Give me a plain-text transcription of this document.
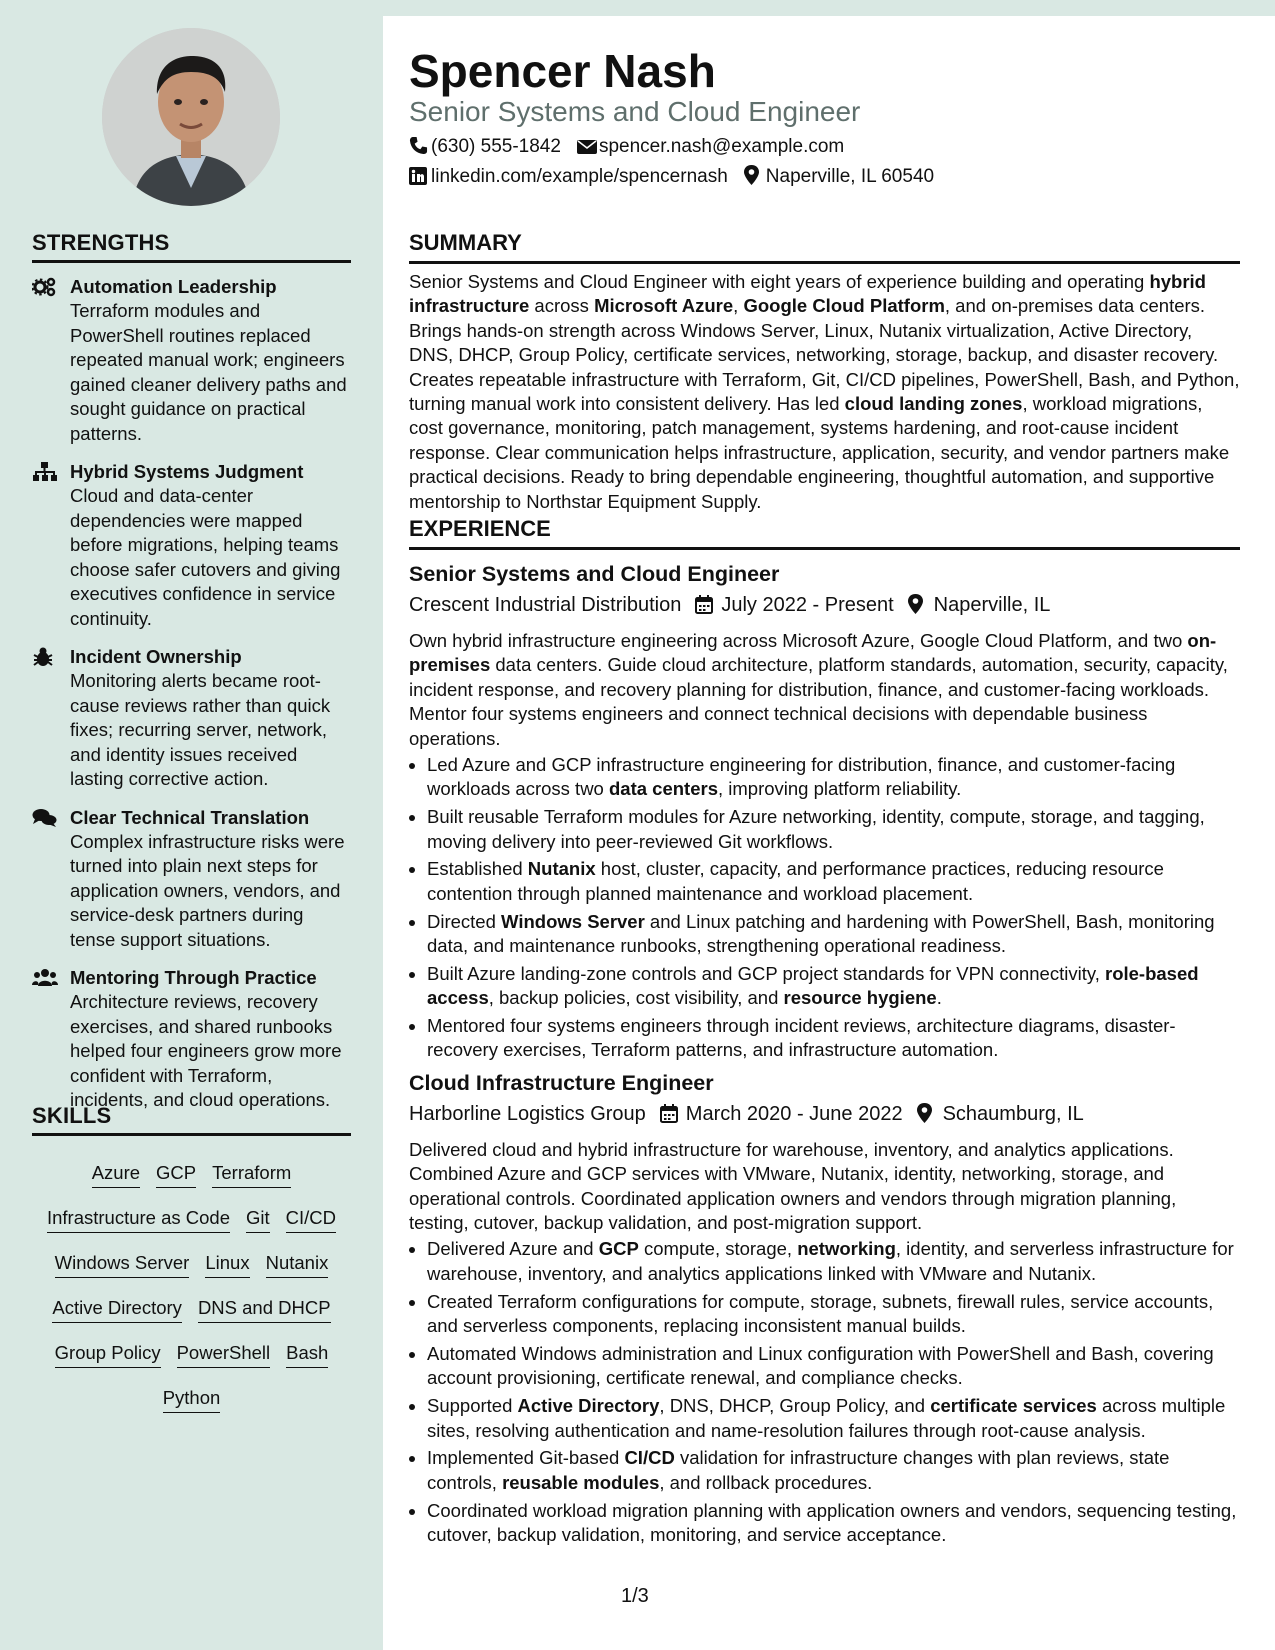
STRENGTHS
Automation Leadership
Terraform modules and PowerShell routines replaced repeated manual work; engineers gained cleaner delivery paths and sought guidance on practical patterns.
Hybrid Systems Judgment
Cloud and data-center dependencies were mapped before migrations, helping teams choose safer cutovers and giving executives confidence in service continuity.
Incident Ownership
Monitoring alerts became root-cause reviews rather than quick fixes; recurring server, network, and identity issues received lasting corrective action.
Clear Technical Translation
Complex infrastructure risks were turned into plain next steps for application owners, vendors, and service-desk partners during tense support situations.
Mentoring Through Practice
Architecture reviews, recovery exercises, and shared runbooks helped four engineers grow more confident with Terraform, incidents, and cloud operations.
SKILLS
Azure GCP Terraform
Infrastructure as Code Git CI/CD
Windows Server Linux Nutanix
Active Directory DNS and DHCP
Group Policy PowerShell Bash
Python
Spencer Nash
Senior Systems and Cloud Engineer
(630) 555-1842 spencer.nash@example.com
linkedin.com/example/spencernash Naperville, IL 60540
SUMMARY

Senior Systems and Cloud Engineer with eight years of experience building and operating hybrid infrastructure across Microsoft Azure, Google Cloud Platform, and on-premises data centers. Brings hands-on strength across Windows Server, Linux, Nutanix virtualization, Active Directory, DNS, DHCP, Group Policy, certificate services, networking, storage, backup, and disaster recovery. Creates repeatable infrastructure with Terraform, Git, CI/CD pipelines, PowerShell, Bash, and Python, turning manual work into consistent delivery. Has led cloud landing zones, workload migrations, cost governance, monitoring, patch management, systems hardening, and root-cause incident response. Clear communication helps infrastructure, application, security, and vendor partners make practical decisions. Ready to bring dependable engineering, thoughtful automation, and supportive mentorship to Northstar Equipment Supply.

EXPERIENCE
Senior Systems and Cloud Engineer
Crescent Industrial Distribution July 2022 - Present Naperville, IL

Own hybrid infrastructure engineering across Microsoft Azure, Google Cloud Platform, and two on-premises data centers. Guide cloud architecture, platform standards, automation, security, capacity, incident response, and recovery planning for distribution, finance, and customer-facing workloads. Mentor four systems engineers and connect technical decisions with dependable business operations.

• Led Azure and GCP infrastructure engineering for distribution, finance, and customer-facing workloads across two data centers, improving platform reliability.
• Built reusable Terraform modules for Azure networking, identity, compute, storage, and tagging, moving delivery into peer-reviewed Git workflows.
• Established Nutanix host, cluster, capacity, and performance practices, reducing resource contention through planned maintenance and workload placement.
• Directed Windows Server and Linux patching and hardening with PowerShell, Bash, monitoring data, and maintenance runbooks, strengthening operational readiness.
• Built Azure landing-zone controls and GCP project standards for VPN connectivity, role-based access, backup policies, cost visibility, and resource hygiene.
• Mentored four systems engineers through incident reviews, architecture diagrams, disaster-recovery exercises, Terraform patterns, and infrastructure automation.
Cloud Infrastructure Engineer
Harborline Logistics Group March 2020 - June 2022 Schaumburg, IL

Delivered cloud and hybrid infrastructure for warehouse, inventory, and analytics applications. Combined Azure and GCP services with VMware, Nutanix, identity, networking, storage, and operational controls. Coordinated application owners and vendors through migration planning, testing, cutover, backup validation, and post-migration support.

• Delivered Azure and GCP compute, storage, networking, identity, and serverless infrastructure for warehouse, inventory, and analytics applications linked with VMware and Nutanix.
• Created Terraform configurations for compute, storage, subnets, firewall rules, service accounts, and serverless components, replacing inconsistent manual builds.
• Automated Windows administration and Linux configuration with PowerShell and Bash, covering account provisioning, certificate renewal, and compliance checks.
• Supported Active Directory, DNS, DHCP, Group Policy, and certificate services across multiple sites, resolving authentication and name-resolution failures through root-cause analysis.
• Implemented Git-based CI/CD validation for infrastructure changes with plan reviews, state controls, reusable modules, and rollback procedures.
• Coordinated workload migration planning with application owners and vendors, sequencing testing, cutover, backup validation, monitoring, and service acceptance.
1/3
